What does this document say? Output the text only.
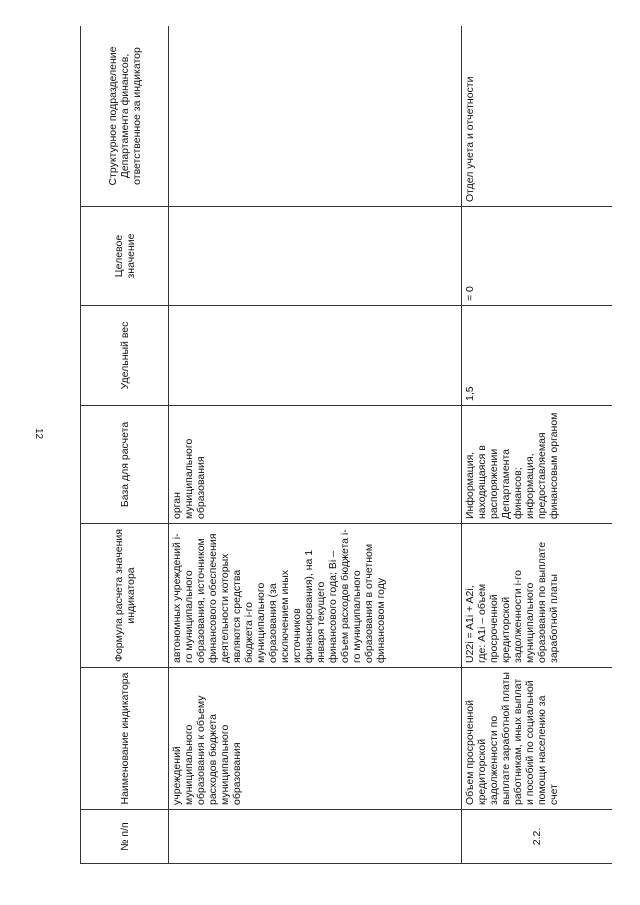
12
№ п/п	Наименование индикатора	Формула расчета значения индикатора	База для расчета	Удельный вес	Целевое значение	Структурное подразделение Департамента финансов, ответственное за индикатор
	учреждений муниципального образования к объему расходов бюджета муниципального образования	автономных учреждений i-го муниципального образования, источником финансового обеспечения деятельности которых являются средства бюджета i-го муниципального образования (за исключением иных источников финансирования), на 1 января текущего финансового года; Bi – объем расходов бюджета i-го муниципального образования в отчетном финансовом году	орган муниципального образования			
2.2.	Объем просроченной кредиторской задолженности по выплате заработной платы работникам, иных выплат и пособий по социальной помощи населению за счет	U22i = A1i + A2i, где: A1i – объем просроченной кредиторской задолженности i-го муниципального образования по выплате заработной платы	Информация, находящаяся в распоряжении Департамента финансов; информация, предоставляемая финансовым органом	1,5	= 0	Отдел учета и отчетности
